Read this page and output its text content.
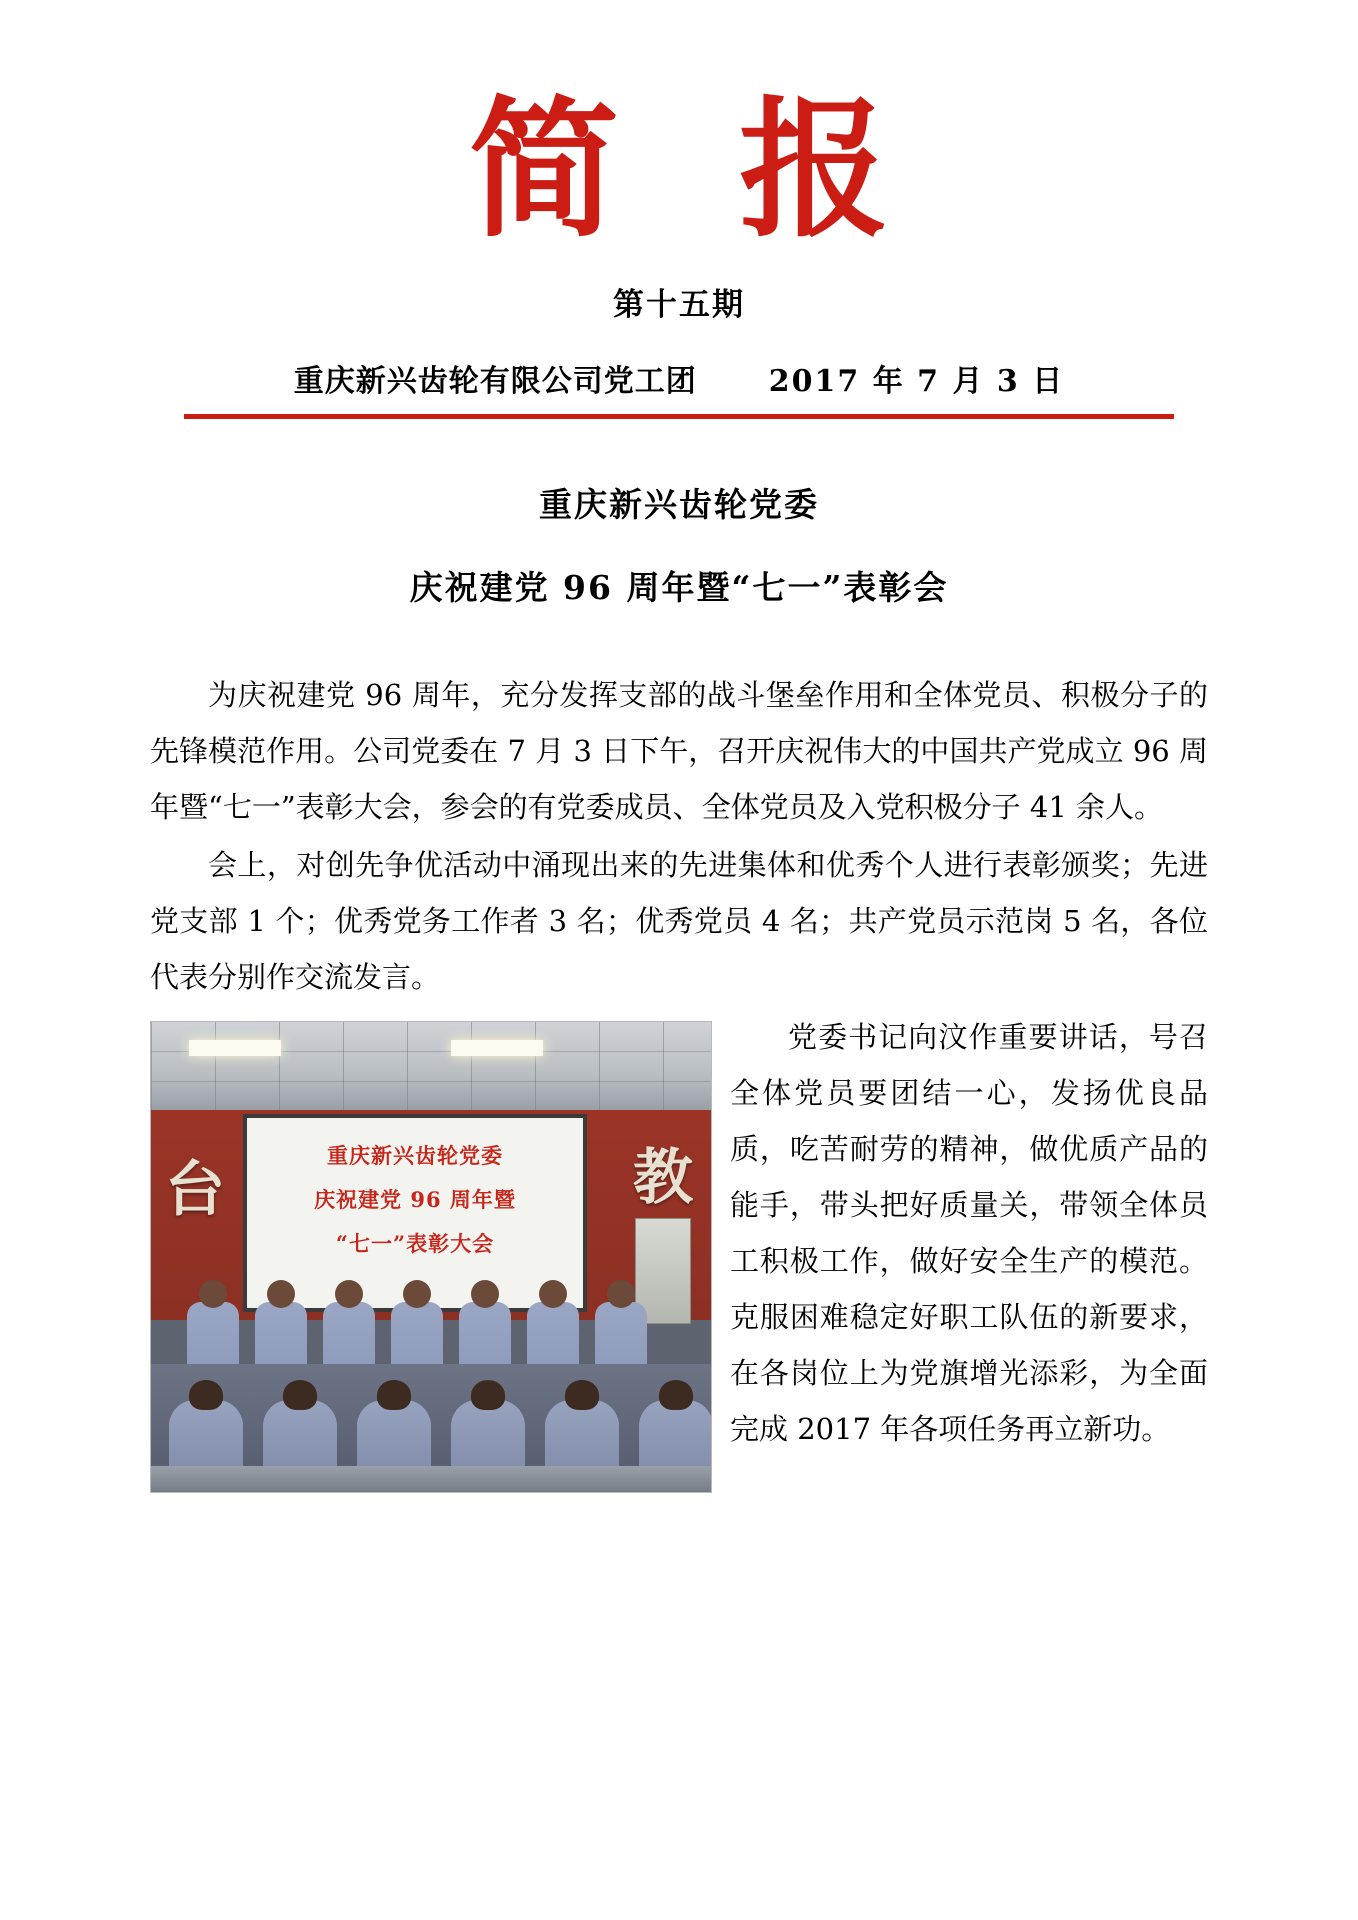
简报
第十五期
重庆新兴齿轮有限公司党工团 2017 年 7 月 3 日
重庆新兴齿轮党委
庆祝建党 96 周年暨“七一”表彰会

为庆祝建党 96 周年，充分发挥支部的战斗堡垒作用和全体党员、积极分子的先锋模范作用。公司党委在 7 月 3 日下午，召开庆祝伟大的中国共产党成立 96 周年暨“七一”表彰大会，参会的有党委成员、全体党员及入党积极分子 41 余人。

会上，对创先争优活动中涌现出来的先进集体和优秀个人进行表彰颁奖；先进党支部 1 个；优秀党务工作者 3 名；优秀党员 4 名；共产党员示范岗 5 名，各位代表分别作交流发言。

台	教
重庆新兴齿轮党委
庆祝建党 96 周年暨
“七一”表彰大会

党委书记向汶作重要讲话，号召全体党员要团结一心，发扬优良品质，吃苦耐劳的精神，做优质产品的能手，带头把好质量关，带领全体员工积极工作，做好安全生产的模范。克服困难稳定好职工队伍的新要求，在各岗位上为党旗增光添彩，为全面完成 2017 年各项任务再立新功。
